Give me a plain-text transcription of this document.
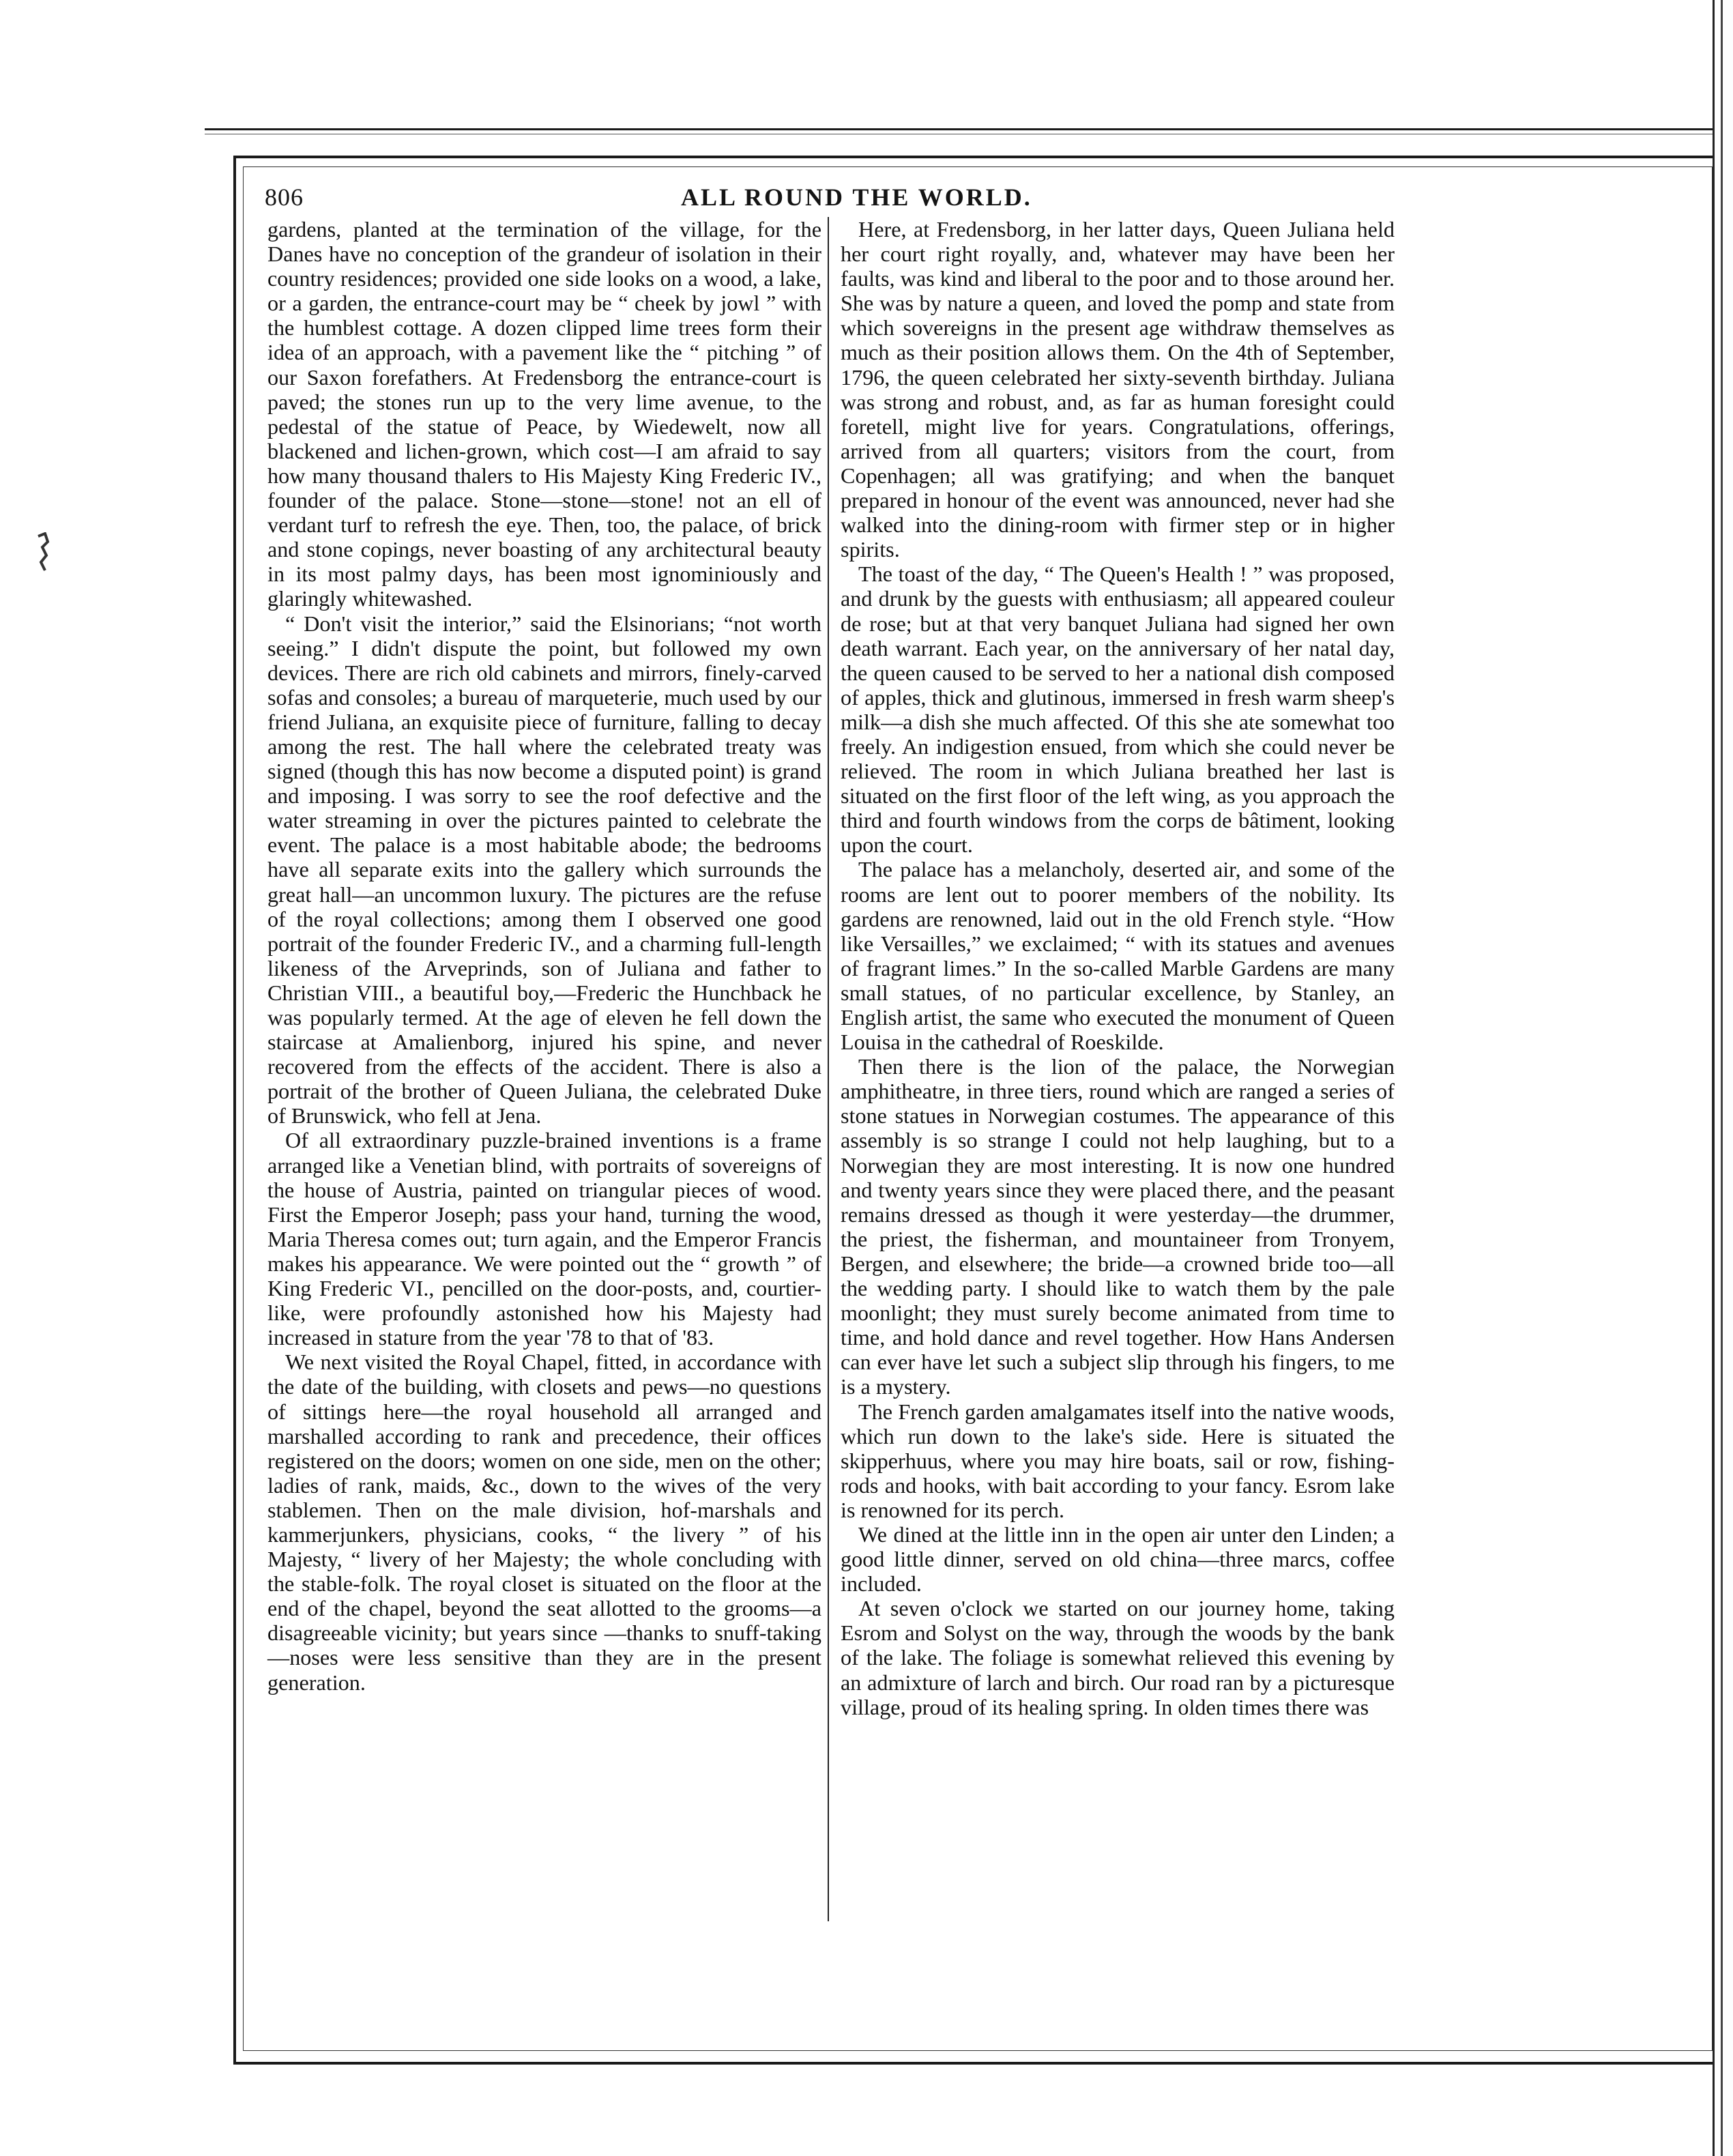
806	ALL ROUND THE WORLD.

gardens, planted at the termination of the village, for the Danes have no conception of the grandeur of isolation in their country residences; provided one side looks on a wood, a lake, or a garden, the entrance-court may be “ cheek by jowl ” with the humblest cottage. A dozen clipped lime trees form their idea of an approach, with a pavement like the “ pitching ” of our Saxon forefathers. At Fredensborg the entrance-court is paved; the stones run up to the very lime avenue, to the pedestal of the statue of Peace, by Wiedewelt, now all blackened and lichen-grown, which cost—I am afraid to say how many thousand thalers to His Majesty King Frederic IV., founder of the palace. Stone—stone—stone! not an ell of verdant turf to refresh the eye. Then, too, the palace, of brick and stone copings, never boasting of any architectural beauty in its most palmy days, has been most ignominiously and glaringly whitewashed.

“ Don't visit the interior,” said the Elsinorians; “not worth seeing.” I didn't dispute the point, but followed my own devices. There are rich old cabinets and mirrors, finely-carved sofas and consoles; a bureau of marqueterie, much used by our friend Juliana, an exquisite piece of furniture, falling to decay among the rest. The hall where the celebrated treaty was signed (though this has now become a disputed point) is grand and imposing. I was sorry to see the roof defective and the water streaming in over the pictures painted to celebrate the event. The palace is a most habitable abode; the bedrooms have all separate exits into the gallery which surrounds the great hall—an uncommon luxury. The pictures are the refuse of the royal collections; among them I observed one good portrait of the founder Frederic IV., and a charming full-length likeness of the Arveprinds, son of Juliana and father to Christian VIII., a beautiful boy,—Frederic the Hunchback he was popularly termed. At the age of eleven he fell down the staircase at Amalienborg, injured his spine, and never recovered from the effects of the accident. There is also a portrait of the brother of Queen Juliana, the celebrated Duke of Brunswick, who fell at Jena.

Of all extraordinary puzzle-brained inventions is a frame arranged like a Venetian blind, with portraits of sovereigns of the house of Austria, painted on triangular pieces of wood. First the Emperor Joseph; pass your hand, turning the wood, Maria Theresa comes out; turn again, and the Emperor Francis makes his appearance. We were pointed out the “ growth ” of King Frederic VI., pencilled on the door-posts, and, courtier-like, were profoundly astonished how his Majesty had increased in stature from the year '78 to that of '83.

We next visited the Royal Chapel, fitted, in accordance with the date of the building, with closets and pews—no questions of sittings here—the royal household all arranged and marshalled according to rank and precedence, their offices registered on the doors; women on one side, men on the other; ladies of rank, maids, &c., down to the wives of the very stablemen. Then on the male division, hof-marshals and kammerjunkers, physicians, cooks, “ the livery ” of his Majesty, “ livery of her Majesty; the whole concluding with the stable-folk. The royal closet is situated on the floor at the end of the chapel, beyond the seat allotted to the grooms—a disagreeable vicinity; but years since —thanks to snuff-taking—noses were less sensitive than they are in the present generation.

Here, at Fredensborg, in her latter days, Queen Juliana held her court right royally, and, whatever may have been her faults, was kind and liberal to the poor and to those around her. She was by nature a queen, and loved the pomp and state from which sovereigns in the present age withdraw themselves as much as their position allows them. On the 4th of September, 1796, the queen celebrated her sixty-seventh birthday. Juliana was strong and robust, and, as far as human foresight could foretell, might live for years. Congratulations, offerings, arrived from all quarters; visitors from the court, from Copenhagen; all was gratifying; and when the banquet prepared in honour of the event was announced, never had she walked into the dining-room with firmer step or in higher spirits.

The toast of the day, “ The Queen's Health ! ” was proposed, and drunk by the guests with enthusiasm; all appeared couleur de rose; but at that very banquet Juliana had signed her own death warrant. Each year, on the anniversary of her natal day, the queen caused to be served to her a national dish composed of apples, thick and glutinous, immersed in fresh warm sheep's milk—a dish she much affected. Of this she ate somewhat too freely. An indigestion ensued, from which she could never be relieved. The room in which Juliana breathed her last is situated on the first floor of the left wing, as you approach the third and fourth windows from the corps de bâtiment, looking upon the court.

The palace has a melancholy, deserted air, and some of the rooms are lent out to poorer members of the nobility. Its gardens are renowned, laid out in the old French style. “How like Versailles,” we exclaimed; “ with its statues and avenues of fragrant limes.” In the so-called Marble Gardens are many small statues, of no particular excellence, by Stanley, an English artist, the same who executed the monument of Queen Louisa in the cathedral of Roeskilde.

Then there is the lion of the palace, the Norwegian amphitheatre, in three tiers, round which are ranged a series of stone statues in Norwegian costumes. The appearance of this assembly is so strange I could not help laughing, but to a Norwegian they are most interesting. It is now one hundred and twenty years since they were placed there, and the peasant remains dressed as though it were yesterday—the drummer, the priest, the fisherman, and mountaineer from Tronyem, Bergen, and elsewhere; the bride—a crowned bride too—all the wedding party. I should like to watch them by the pale moonlight; they must surely become animated from time to time, and hold dance and revel together. How Hans Andersen can ever have let such a subject slip through his fingers, to me is a mystery.

The French garden amalgamates itself into the native woods, which run down to the lake's side. Here is situated the skipperhuus, where you may hire boats, sail or row, fishing-rods and hooks, with bait according to your fancy. Esrom lake is renowned for its perch.

We dined at the little inn in the open air unter den Linden; a good little dinner, served on old china—three marcs, coffee included.

At seven o'clock we started on our journey home, taking Esrom and Solyst on the way, through the woods by the bank of the lake. The foliage is somewhat relieved this evening by an admixture of larch and birch. Our road ran by a picturesque village, proud of its healing spring. In olden times there was
